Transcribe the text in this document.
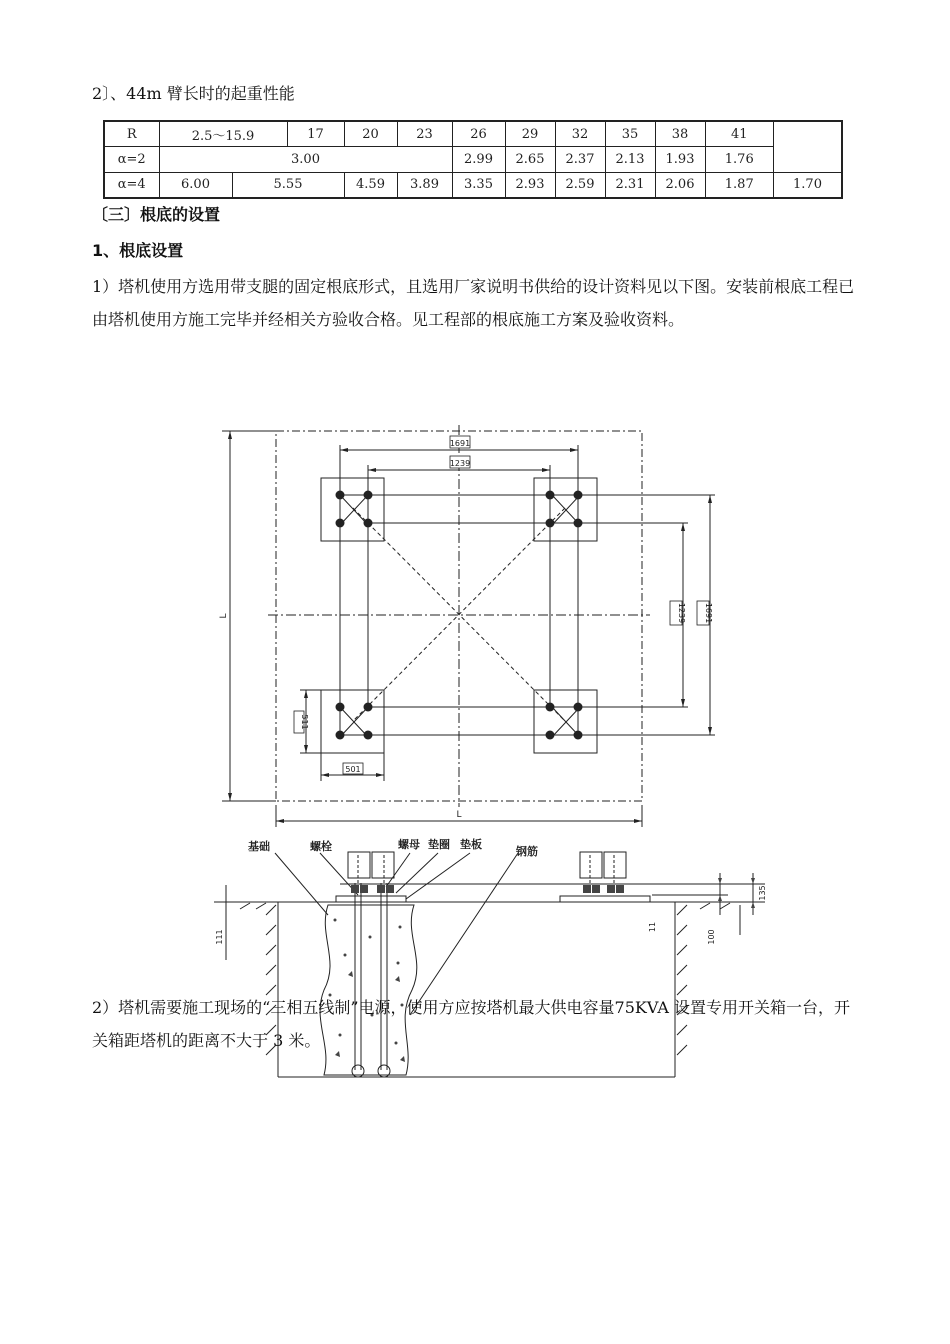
2〕、44m 臂长时的起重性能
R	2.5～15.9		17	20	23	26	29	32	35	38	41	
α=2	3.00					2.99	2.65	2.37	2.13	1.93	1.76	
α=4	6.00	5.55		4.59	3.89	3.35	2.93	2.59	2.31	2.06	1.87	1.70
〔三〕根底的设置
1、根底设置
1）塔机使用方选用带支腿的固定根底形式，且选用厂家说明书供给的设计资料见以下图。安装前根底工程已由塔机使用方施工完毕并经相关方验收合格。见工程部的根底施工方案及验收资料。
1691
1239
1239 1691
L
L
511
501
基础	螺栓	螺母 垫圈 垫板
钢筋
135
11
100
111
2）塔机需要施工现场的“三相五线制”电源，使用方应按塔机最大供电容量75KVA 设置专用开关箱一台，开关箱距塔机的距离不大于 3 米。
